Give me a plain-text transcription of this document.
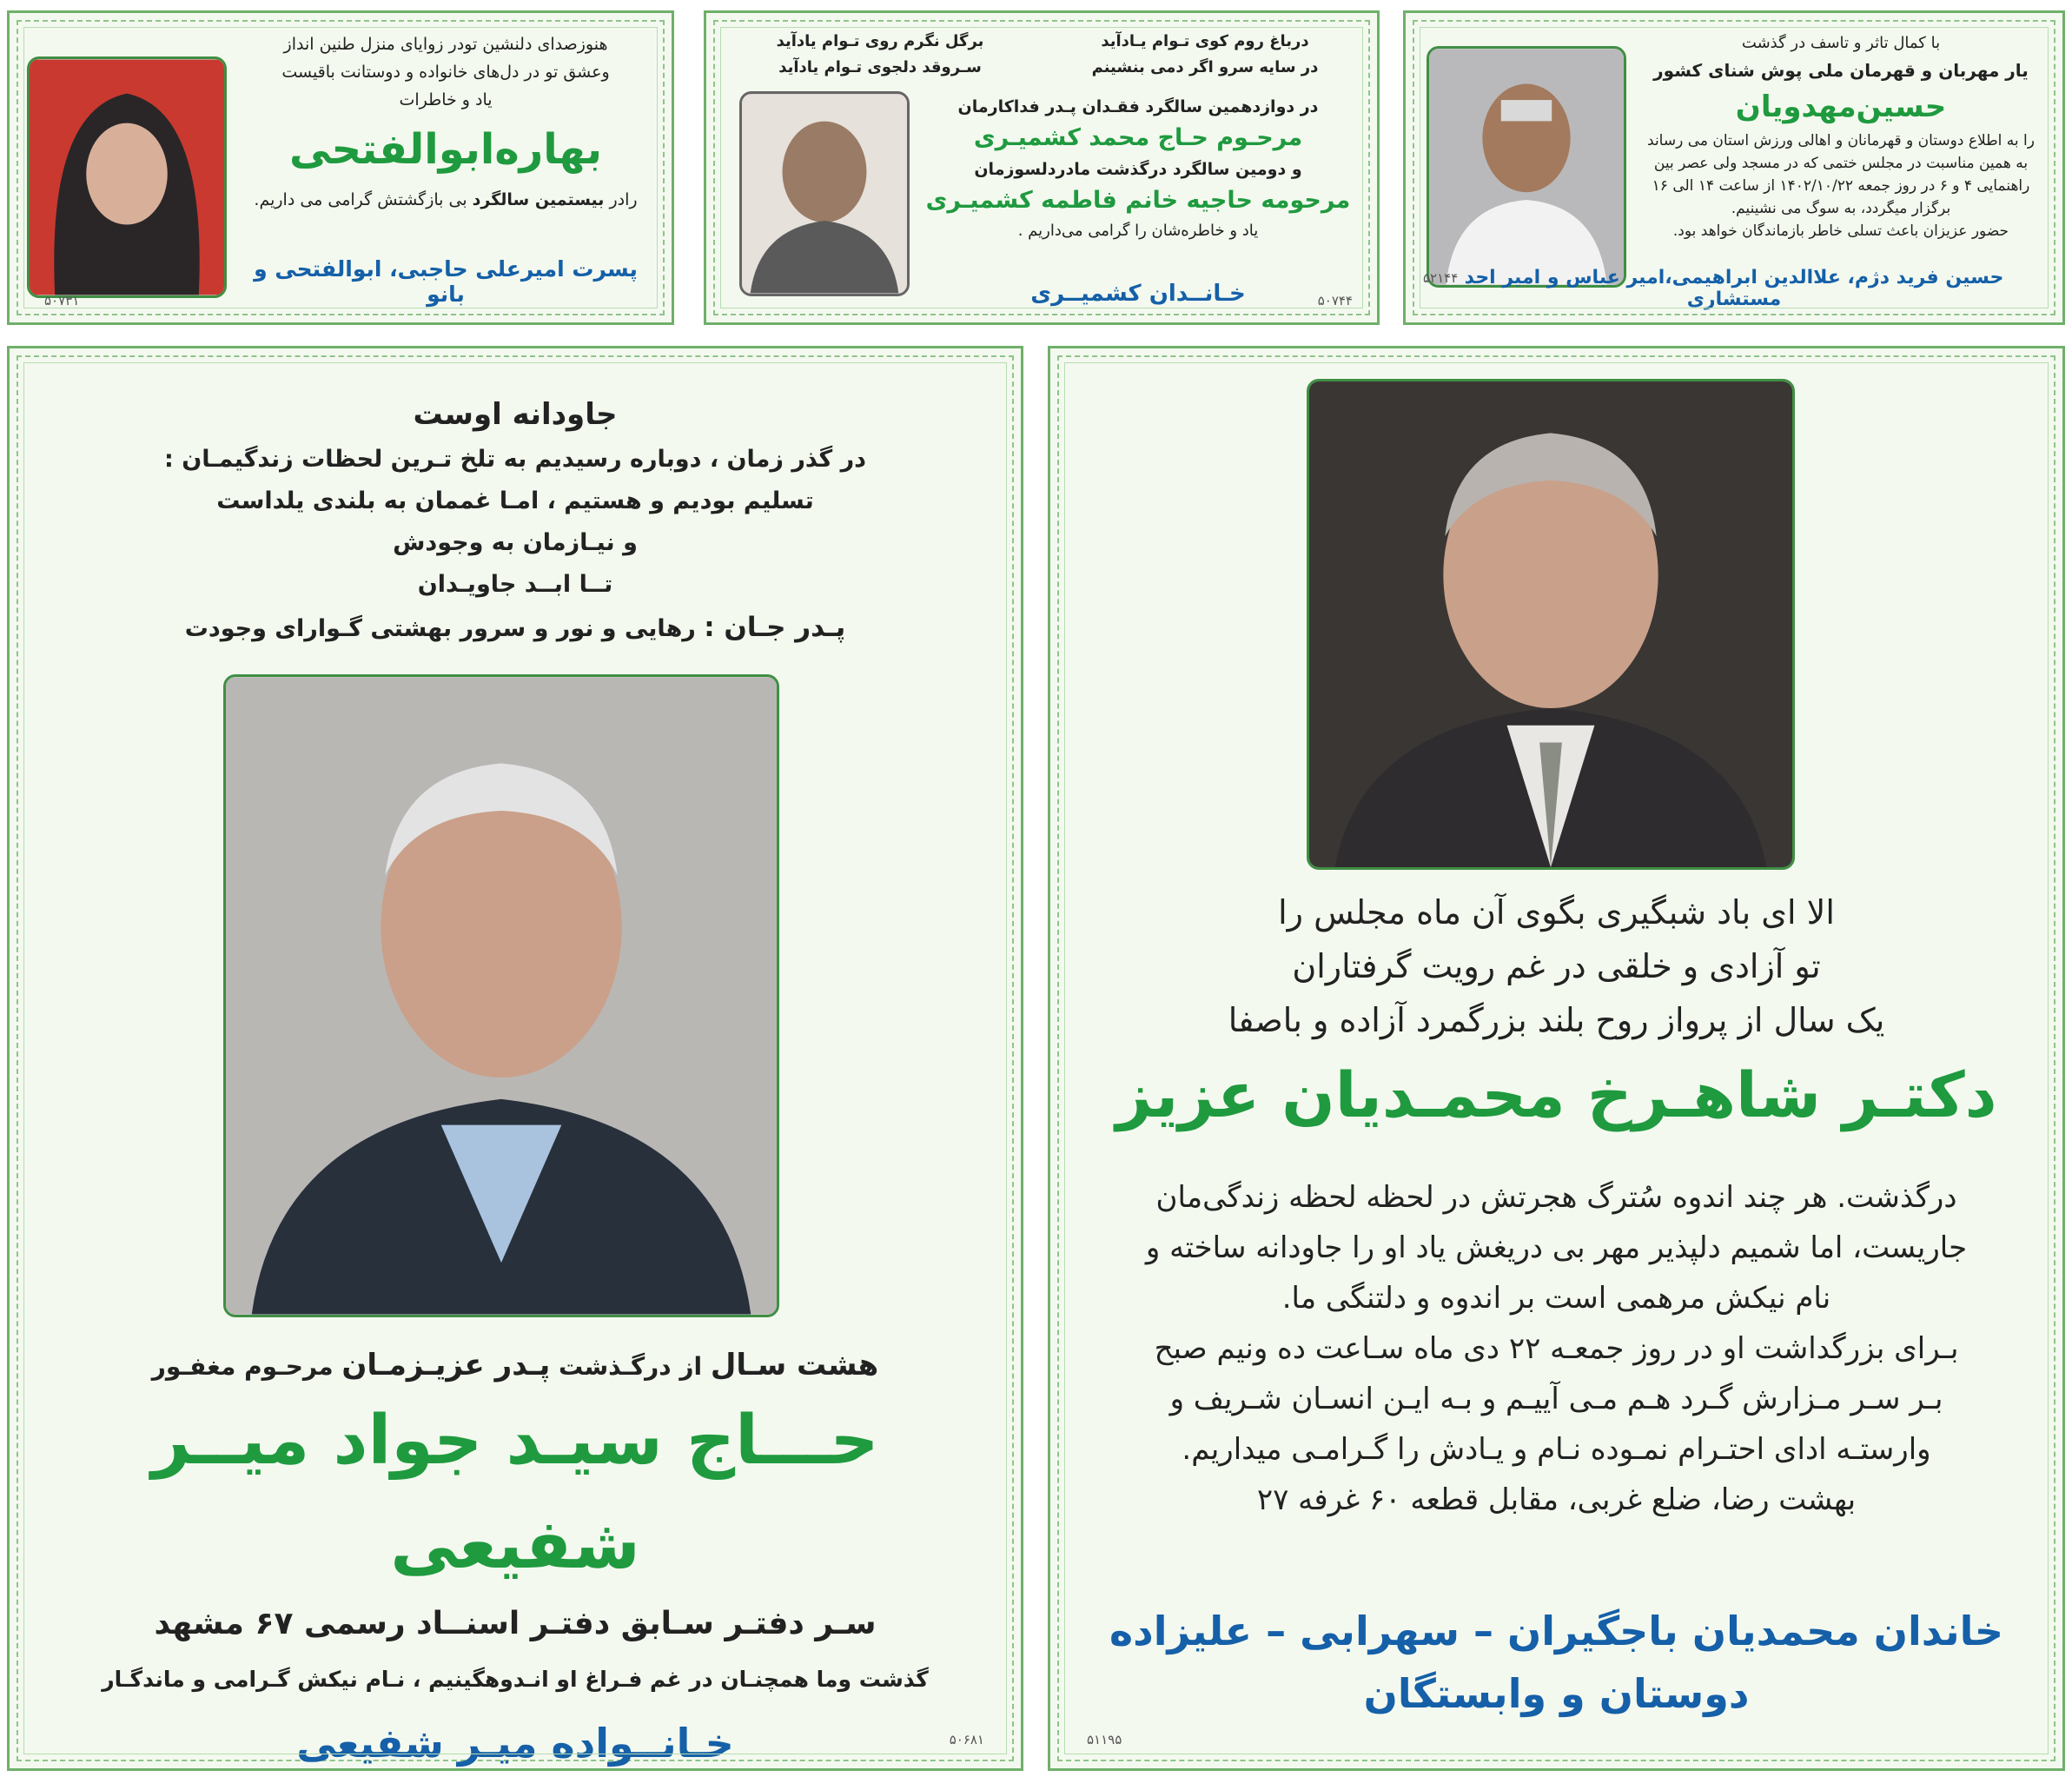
با کمال تاثر و تاسف در گذشت
یار مهربان و قهرمان ملی پوش شنای کشور
حسین‌مهدویان
را به اطلاع دوستان و قهرمانان و اهالی ورزش استان می رساند
به همین مناسبت در مجلس ختمی که در مسجد ولی عصر بین
راهنمایی ۴ و ۶ در روز جمعه ۱۴۰۲/۱۰/۲۲ از ساعت ۱۴ الی ۱۶
برگزار میگردد، به سوگ می نشینیم.
حضور عزیزان باعث تسلی خاطر بازماندگان خواهد بود.
۵۲۱۴۴ حسین فرید دژم، علاالدین ابراهیمی،امیر عباس و امیر احد مستشاری
درباغ روم کوی تـوام یـادآید
در سایه سرو اگر دمی بنشینم
برگل نگرم روی تـوام یادآید
سـروقد دلجوی تـوام یادآید
در دوازدهمین سالگرد فقـدان پـدر فداکارمان
مرحـوم حـاج محمد کشمیـری
و دومین سالگرد درگذشت مادردلسوزمان
مرحومه حاجیه خانم فاطمه کشمیـری
یاد و خاطره‌شان را گرامی می‌داریم .
خـانــدان کشمیــری	۵۰۷۴۴
هنوزصدای دلنشین تودر زوایای منزل طنین انداز
وعشق تو در دل‌های خانواده و دوستانت باقیست
یاد و خاطرات
بهاره‌ابوالفتحی
رادر بیستمین سالگرد بی بازگشتش گرامی می داریم.
پسرت امیرعلی حاجبی، ابوالفتحی و بانو
۵۰۷۳۱
جاودانه اوست
در گذر زمان ، دوباره رسیدیم به تلخ تـرین لحظات زندگیمـان :
تسلیم بودیم و هستیم ، امـا غممان به بلندی یلداست
و نیـازمان به وجودش
تــا ابــد جاویـدان
پـدر جـان : رهایی و نور و سرور بهشتی گـوارای وجودت
هشت سـال از درگـذشت پـدر عزیـزمـان مرحـوم مغفـور
حـــاج سیـد جواد میــر شفیعی
سـر دفتـر سـابق دفتـر اسنــاد رسمی ۶۷ مشهد
گذشت وما همچنـان در غم فـراغ او انـدوهگینیم ، نـام نیکش گـرامی و ماندگـار
خـانــواده میـر شفیعی	۵۰۶۸۱
الا ای باد شبگیری بگوی آن ماه مجلس را
تو آزادی و خلقی در غم رویت گرفتاران
یک سال از پرواز روح بلند بزرگمرد آزاده و باصفا
دکتـر شاهـرخ محمـدیان عزیز
درگذشت. هر چند اندوه سُترگ هجرتش در لحظه لحظه زندگی‌مان
جاریست، اما شمیم دلپذیر مهر بی دریغش یاد او را جاودانه ساخته و
نام نیکش مرهمی است بر اندوه و دلتنگی ما.
بـرای بزرگداشت او در روز جمعـه ۲۲ دی ماه سـاعت ده ونیم صبح
بـر سـر مـزارش گـرد هـم مـی آییـم و بـه ایـن انسـان شـریف و
وارستـه ادای احتـرام نمـوده نـام و یـادش را گـرامـی میداریم.
بهشت رضا، ضلع غربی، مقابل قطعه ۶۰ غرفه ۲۷
خاندان محمدیان باجگیران – سهرابی – علیزاده
دوستان و وابستگان
۵۱۱۹۵
